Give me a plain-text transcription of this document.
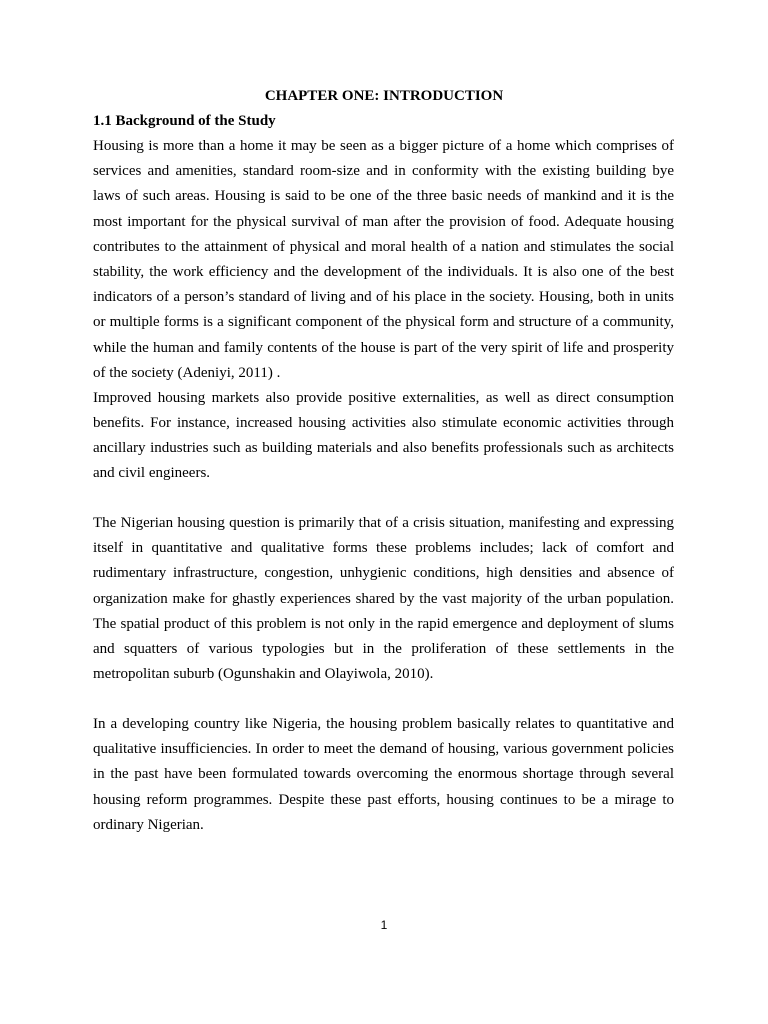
CHAPTER ONE: INTRODUCTION
1.1 Background of the Study

Housing is more than a home it may be seen as a bigger picture of a home which comprises of services and amenities, standard room-size and in conformity with the existing building bye laws of such areas. Housing is said to be one of the three basic needs of mankind and it is the most important for the physical survival of man after the provision of food. Adequate housing contributes to the attainment of physical and moral health of a nation and stimulates the social stability, the work efficiency and the development of the individuals. It is also one of the best indicators of a person’s standard of living and of his place in the society. Housing, both in units or multiple forms is a significant component of the physical form and structure of a community, while the human and family contents of the house is part of the very spirit of life and prosperity of the society (Adeniyi, 2011) .

Improved housing markets also provide positive externalities, as well as direct consumption benefits. For instance, increased housing activities also stimulate economic activities through ancillary industries such as building materials and also benefits professionals such as architects and civil engineers.

The Nigerian housing question is primarily that of a crisis situation, manifesting and expressing itself in quantitative and qualitative forms these problems includes; lack of comfort and rudimentary infrastructure, congestion, unhygienic conditions, high densities and absence of organization make for ghastly experiences shared by the vast majority of the urban population. The spatial product of this problem is not only in the rapid emergence and deployment of slums and squatters of various typologies but in the proliferation of these settlements in the metropolitan suburb (Ogunshakin and Olayiwola, 2010).

In a developing country like Nigeria, the housing problem basically relates to quantitative and qualitative insufficiencies. In order to meet the demand of housing, various government policies in the past have been formulated towards overcoming the enormous shortage through several housing reform programmes. Despite these past efforts, housing continues to be a mirage to ordinary Nigerian.

1
